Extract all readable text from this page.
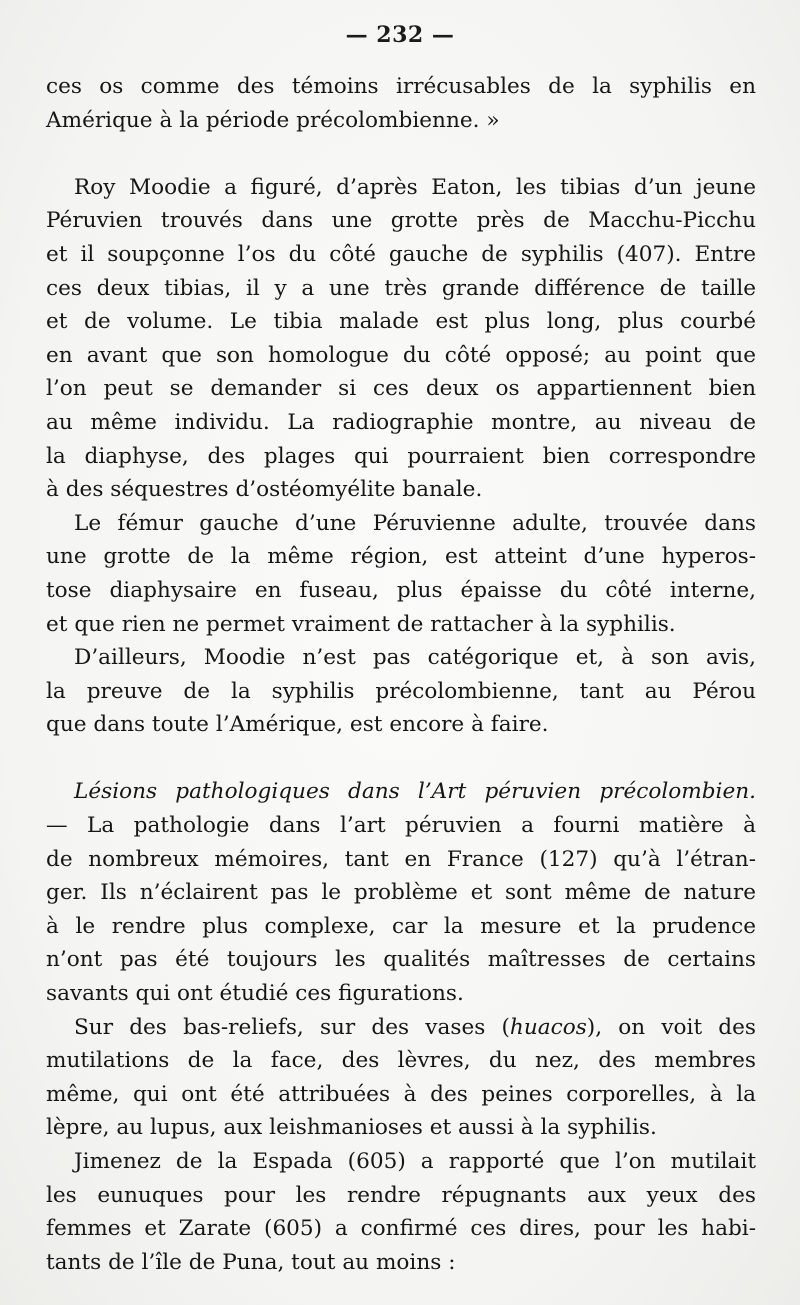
— 232 —

ces os comme des témoins irrécusables de la syphilis en

Amérique à la période précolombienne. »

Roy Moodie a figuré, d’après Eaton, les tibias d’un jeune

Péruvien trouvés dans une grotte près de Macchu-Picchu

et il soupçonne l’os du côté gauche de syphilis (407). Entre

ces deux tibias, il y a une très grande différence de taille

et de volume. Le tibia malade est plus long, plus courbé

en avant que son homologue du côté opposé; au point que

l’on peut se demander si ces deux os appartiennent bien

au même individu. La radiographie montre, au niveau de

la diaphyse, des plages qui pourraient bien correspondre

à des séquestres d’ostéomyélite banale.

Le fémur gauche d’une Péruvienne adulte, trouvée dans

une grotte de la même région, est atteint d’une hyperos-

tose diaphysaire en fuseau, plus épaisse du côté interne,

et que rien ne permet vraiment de rattacher à la syphilis.

D’ailleurs, Moodie n’est pas catégorique et, à son avis,

la preuve de la syphilis précolombienne, tant au Pérou

que dans toute l’Amérique, est encore à faire.

Lésions pathologiques dans l’Art péruvien précolombien.

— La pathologie dans l’art péruvien a fourni matière à

de nombreux mémoires, tant en France (127) qu’à l’étran-

ger. Ils n’éclairent pas le problème et sont même de nature

à le rendre plus complexe, car la mesure et la prudence

n’ont pas été toujours les qualités maîtresses de certains

savants qui ont étudié ces figurations.

Sur des bas-reliefs, sur des vases (huacos), on voit des

mutilations de la face, des lèvres, du nez, des membres

même, qui ont été attribuées à des peines corporelles, à la

lèpre, au lupus, aux leishmanioses et aussi à la syphilis.

Jimenez de la Espada (605) a rapporté que l’on mutilait

les eunuques pour les rendre répugnants aux yeux des

femmes et Zarate (605) a confirmé ces dires, pour les habi-

tants de l’île de Puna, tout au moins :
